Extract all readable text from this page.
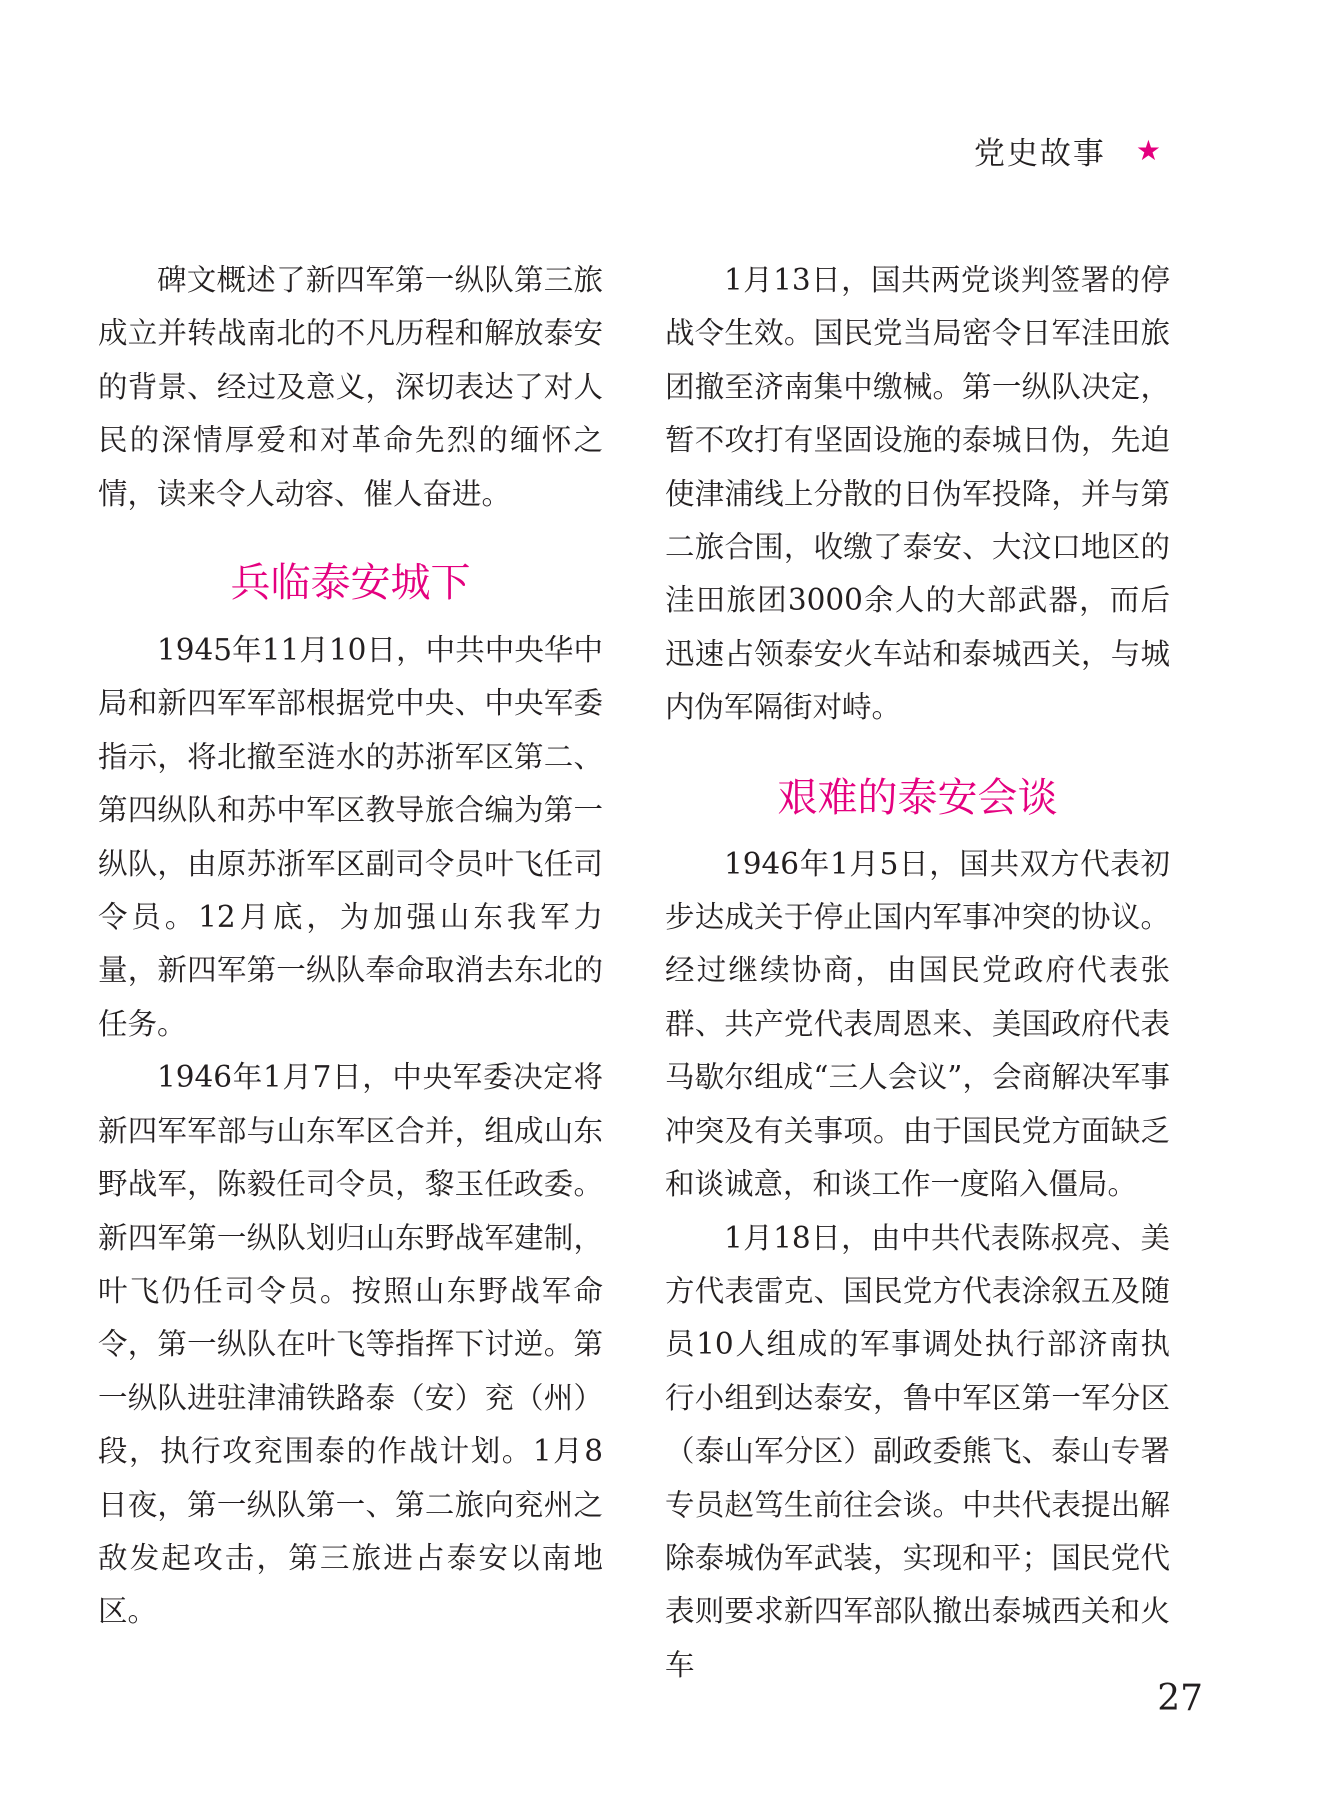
党史故事 ★

碑文概述了新四军第一纵队第三旅成立并转战南北的不凡历程和解放泰安的背景、经过及意义，深切表达了对人民的深情厚爱和对革命先烈的缅怀之情，读来令人动容、催人奋进。

兵临泰安城下

1945年11月10日，中共中央华中局和新四军军部根据党中央、中央军委指示，将北撤至涟水的苏浙军区第二、第四纵队和苏中军区教导旅合编为第一纵队，由原苏浙军区副司令员叶飞任司令员。12月底，为加强山东我军力量，新四军第一纵队奉命取消去东北的任务。

1946年1月7日，中央军委决定将新四军军部与山东军区合并，组成山东野战军，陈毅任司令员，黎玉任政委。新四军第一纵队划归山东野战军建制，叶飞仍任司令员。按照山东野战军命令，第一纵队在叶飞等指挥下讨逆。第一纵队进驻津浦铁路泰（安）兖（州）段，执行攻兖围泰的作战计划。1月8日夜，第一纵队第一、第二旅向兖州之敌发起攻击，第三旅进占泰安以南地区。

1月13日，国共两党谈判签署的停战令生效。国民党当局密令日军洼田旅团撤至济南集中缴械。第一纵队决定，暂不攻打有坚固设施的泰城日伪，先迫使津浦线上分散的日伪军投降，并与第二旅合围，收缴了泰安、大汶口地区的洼田旅团3000余人的大部武器，而后迅速占领泰安火车站和泰城西关，与城内伪军隔街对峙。

艰难的泰安会谈

1946年1月5日，国共双方代表初步达成关于停止国内军事冲突的协议。经过继续协商，由国民党政府代表张群、共产党代表周恩来、美国政府代表马歇尔组成“三人会议”，会商解决军事冲突及有关事项。由于国民党方面缺乏和谈诚意，和谈工作一度陷入僵局。

1月18日，由中共代表陈叔亮、美方代表雷克、国民党方代表涂叙五及随员10人组成的军事调处执行部济南执行小组到达泰安，鲁中军区第一军分区（泰山军分区）副政委熊飞、泰山专署专员赵笃生前往会谈。中共代表提出解除泰城伪军武装，实现和平；国民党代表则要求新四军部队撤出泰城西关和火车

27
